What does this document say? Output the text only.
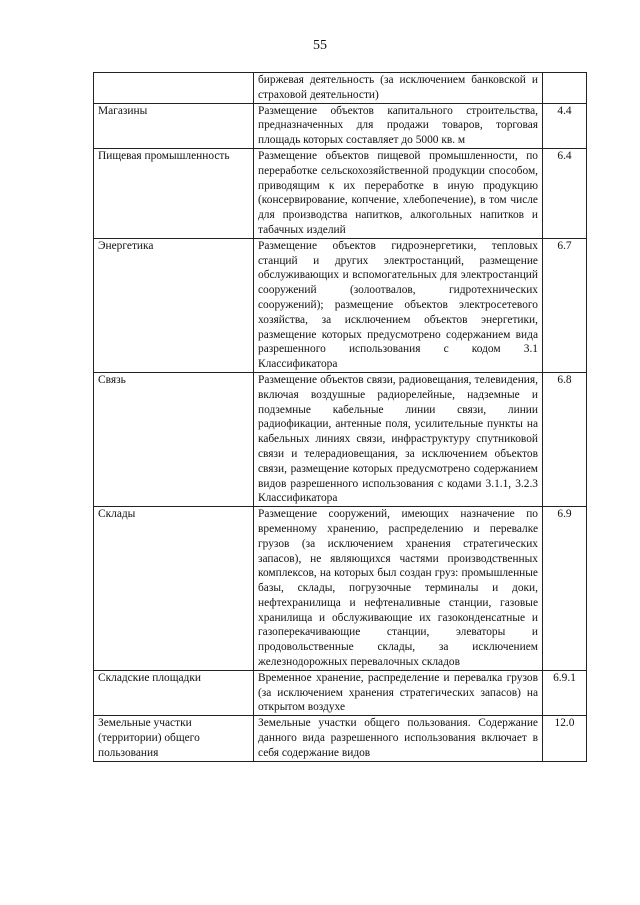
55
	биржевая деятельность (за исключением банковской и страховой деятельности)	
Магазины	Размещение объектов капитального строительства, предназначенных для продажи товаров, торговая площадь которых составляет до 5000 кв. м	4.4
Пищевая промышленность	Размещение объектов пищевой промышленности, по переработке сельскохозяйственной продукции способом, приводящим к их переработке в иную продукцию (консервирование, копчение, хлебопечение), в том числе для производства напитков, алкогольных напитков и табачных изделий	6.4
Энергетика	Размещение объектов гидроэнергетики, тепловых станций и других электростанций, размещение обслуживающих и вспомогательных для электростанций сооружений (золоотвалов, гидротехнических сооружений); размещение объектов электросетевого хозяйства, за исключением объектов энергетики, размещение которых предусмотрено содержанием вида разрешенного использования с кодом 3.1 Классификатора	6.7
Связь	Размещение объектов связи, радиовещания, телевидения, включая воздушные радиорелейные, надземные и подземные кабельные линии связи, линии радиофикации, антенные поля, усилительные пункты на кабельных линиях связи, инфраструктуру спутниковой связи и телерадиовещания, за исключением объектов связи, размещение которых предусмотрено содержанием видов разрешенного использования с кодами 3.1.1, 3.2.3 Классификатора	6.8
Склады	Размещение сооружений, имеющих назначение по временному хранению, распределению и перевалке грузов (за исключением хранения стратегических запасов), не являющихся частями производственных комплексов, на которых был создан груз: промышленные базы, склады, погрузочные терминалы и доки, нефтехранилища и нефтеналивные станции, газовые хранилища и обслуживающие их газоконденсатные и газоперекачивающие станции, элеваторы и продовольственные склады, за исключением железнодорожных перевалочных складов	6.9
Складские площадки	Временное хранение, распределение и перевалка грузов (за исключением хранения стратегических запасов) на открытом воздухе	6.9.1
Земельные участки (территории) общего пользования	Земельные участки общего пользования. Содержание данного вида разрешенного использования включает в себя содержание видов	12.0
